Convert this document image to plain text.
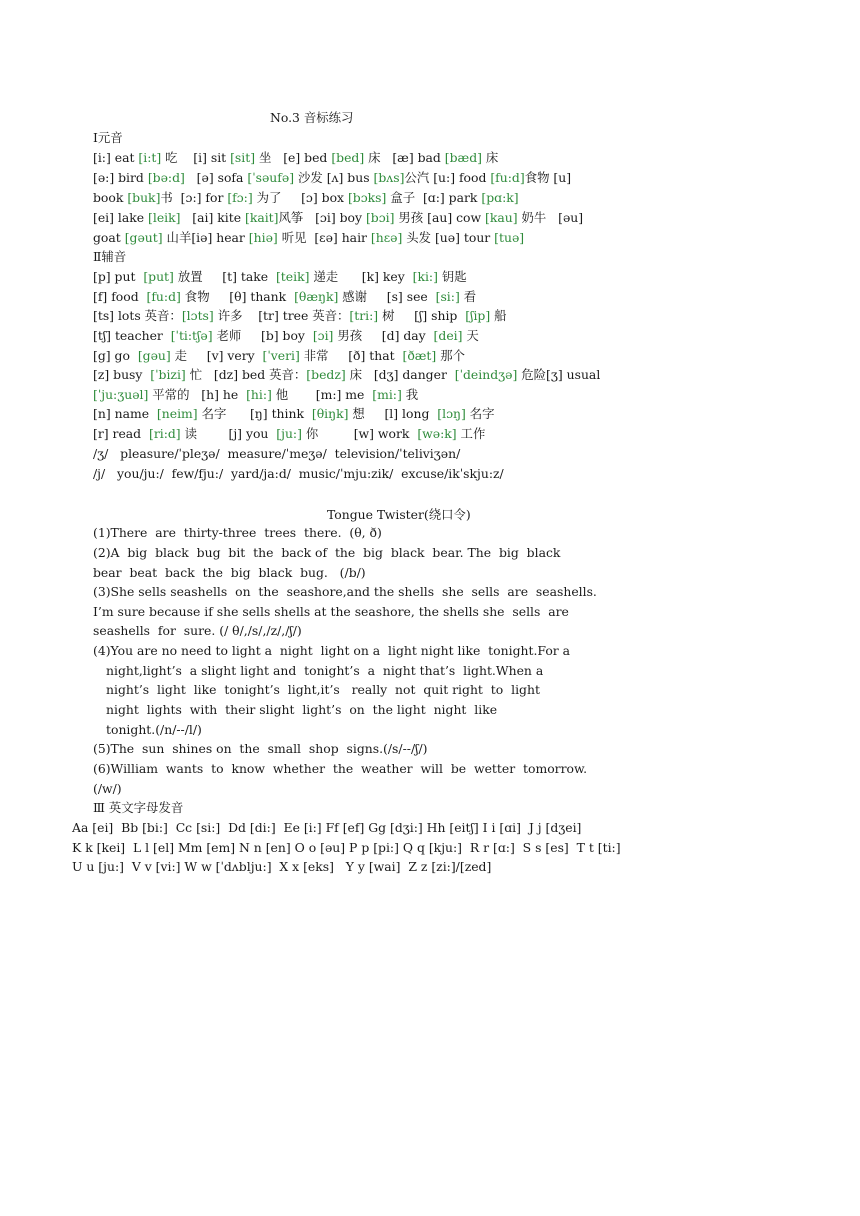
No.3 音标练习
Ⅰ元音
[i:] eat [i:t] 吃    [i] sit [sit] 坐   [e] bed [bed] 床   [æ] bad [bæd] 床
[ə:] bird [bə:d]   [ə] sofa [ˈsəufə] 沙发 [ʌ] bus [bʌs]公汽 [u:] food [fu:d]食物 [u]
book [buk]书  [ɔ:] for [fɔ:] 为了     [ɔ] box [bɔks] 盒子  [ɑ:] park [pɑ:k]
[ei] lake [leik]   [ai] kite [kait]风筝   [ɔi] boy [bɔi] 男孩 [au] cow [kau] 奶牛   [əu]
goat [gəut] 山羊[iə] hear [hiə] 听见  [ɛə] hair [hɛə] 头发 [uə] tour [tuə]
Ⅱ辅音
[p] put  [put] 放置     [t] take  [teik] 递走      [k] key  [ki:] 钥匙
[f] food  [fu:d] 食物     [θ] thank  [θæŋk] 感谢     [s] see  [si:] 看
[ts] lots 英音：[lɔts] 许多    [tr] tree 英音：[tri:] 树     [ʃ] ship  [ʃip] 船
[tʃ] teacher  [ˈti:tʃə] 老师     [b] boy  [ɔi] 男孩     [d] day  [dei] 天
[g] go  [gəu] 走     [v] very  [ˈveri] 非常     [ð] that  [ðæt] 那个
[z] busy  [ˈbizi] 忙   [dz] bed 英音：[bedz] 床   [dʒ] danger  [ˈdeindʒə] 危险[ʒ] usual
[ˈju:ʒuəl] 平常的   [h] he  [hi:] 他       [m:] me  [mi:] 我
[n] name  [neim] 名字      [ŋ] think  [θiŋk] 想     [l] long  [lɔŋ] 名字
[r] read  [ri:d] 读        [j] you  [ju:] 你         [w] work  [wə:k] 工作
/ʒ/   pleasure/ˈpleʒə/  measure/ˈmeʒə/  television/ˈteliviʒən/
/j/   you/ju:/  few/fju:/  yard/ja:d/  music/ˈmju:zik/  excuse/ikˈskju:z/
Tongue Twister(绕口令)
(1)There  are  thirty-three  trees  there.  (θ, ð)
(2)A  big  black  bug  bit  the  back of  the  big  black  bear. The  big  black
bear  beat  back  the  big  black  bug.   (/b/)
(3)She sells seashells  on  the  seashore,and the shells  she  sells  are  seashells.
I’m sure because if she sells shells at the seashore, the shells she  sells  are
seashells  for  sure. (/ θ/,/s/,/z/,/ʃ/)
(4)You are no need to light a  night  light on a  light night like  tonight.For a
night,light’s  a slight light and  tonight’s  a  night that’s  light.When a
night’s  light  like  tonight’s  light,it’s   really  not  quit right  to  light
night  lights  with  their slight  light’s  on  the light  night  like
tonight.(/n/--/l/)
(5)The  sun  shines on  the  small  shop  signs.(/s/--/ʃ/)
(6)William  wants  to  know  whether  the  weather  will  be  wetter  tomorrow.
(/w/)
Ⅲ 英文字母发音
Aa [ei]  Bb [bi:]  Cc [si:]  Dd [di:]  Ee [i:] Ff [ef] Gg [dʒi:] Hh [eitʃ] I i [ɑi]  J j [dʒei]
K k [kei]  L l [el] Mm [em] N n [en] O o [əu] P p [pi:] Q q [kju:]  R r [ɑ:]  S s [es]  T t [ti:]
U u [ju:]  V v [vi:] W w [ˈdʌblju:]  X x [eks]   Y y [wai]  Z z [zi:]/[zed]
